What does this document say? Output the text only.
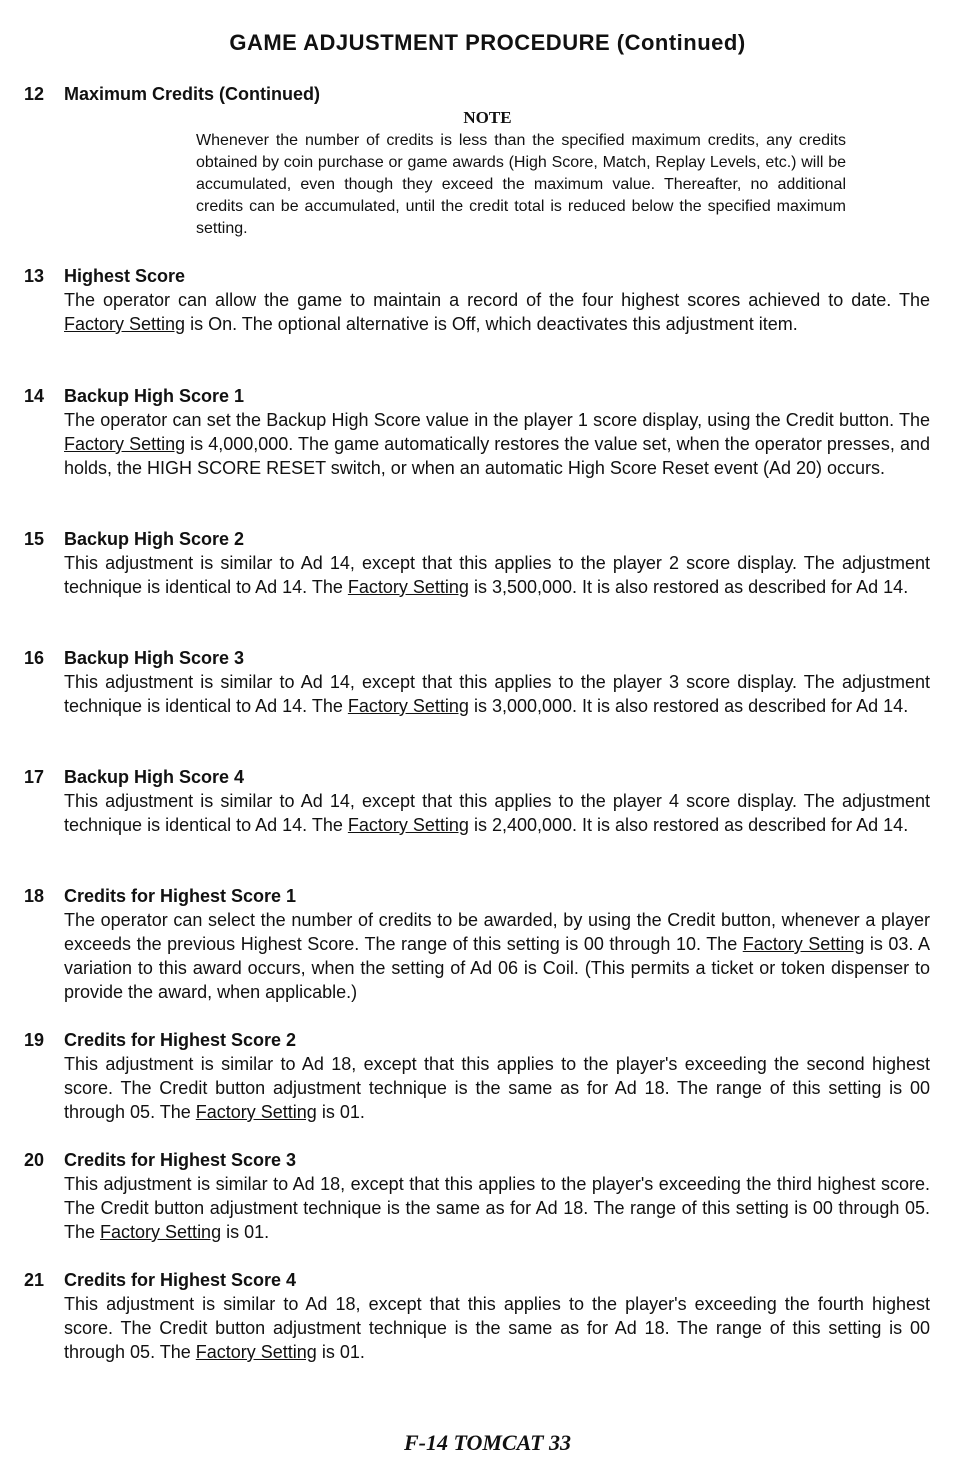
GAME ADJUSTMENT PROCEDURE (Continued)
12 Maximum Credits (Continued)
NOTE
Whenever the number of credits is less than the specified maximum credits, any credits obtained by coin purchase or game awards (High Score, Match, Replay Levels, etc.) will be accumulated, even though they exceed the maximum value. Thereafter, no additional credits can be accumulated, until the credit total is reduced below the specified maximum setting.
13 Highest Score
The operator can allow the game to maintain a record of the four highest scores achieved to date. The Factory Setting is On. The optional alternative is Off, which deactivates this adjustment item.
14 Backup High Score 1
The operator can set the Backup High Score value in the player 1 score display, using the Credit button. The Factory Setting is 4,000,000. The game automatically restores the value set, when the operator presses, and holds, the HIGH SCORE RESET switch, or when an automatic High Score Reset event (Ad 20) occurs.
15 Backup High Score 2
This adjustment is similar to Ad 14, except that this applies to the player 2 score display. The adjustment technique is identical to Ad 14. The Factory Setting is 3,500,000. It is also restored as described for Ad 14.
16 Backup High Score 3
This adjustment is similar to Ad 14, except that this applies to the player 3 score display. The adjustment technique is identical to Ad 14. The Factory Setting is 3,000,000. It is also restored as described for Ad 14.
17 Backup High Score 4
This adjustment is similar to Ad 14, except that this applies to the player 4 score display. The adjustment technique is identical to Ad 14. The Factory Setting is 2,400,000. It is also restored as described for Ad 14.
18 Credits for Highest Score 1
The operator can select the number of credits to be awarded, by using the Credit button, whenever a player exceeds the previous Highest Score. The range of this setting is 00 through 10. The Factory Setting is 03. A variation to this award occurs, when the setting of Ad 06 is Coil. (This permits a ticket or token dispenser to provide the award, when applicable.)
19 Credits for Highest Score 2
This adjustment is similar to Ad 18, except that this applies to the player's exceeding the second highest score. The Credit button adjustment technique is the same as for Ad 18. The range of this setting is 00 through 05. The Factory Setting is 01.
20 Credits for Highest Score 3
This adjustment is similar to Ad 18, except that this applies to the player's exceeding the third highest score. The Credit button adjustment technique is the same as for Ad 18. The range of this setting is 00 through 05. The Factory Setting is 01.
21 Credits for Highest Score 4
This adjustment is similar to Ad 18, except that this applies to the player's exceeding the fourth highest score. The Credit button adjustment technique is the same as for Ad 18. The range of this setting is 00 through 05. The Factory Setting is 01.
F-14 TOMCAT 33
